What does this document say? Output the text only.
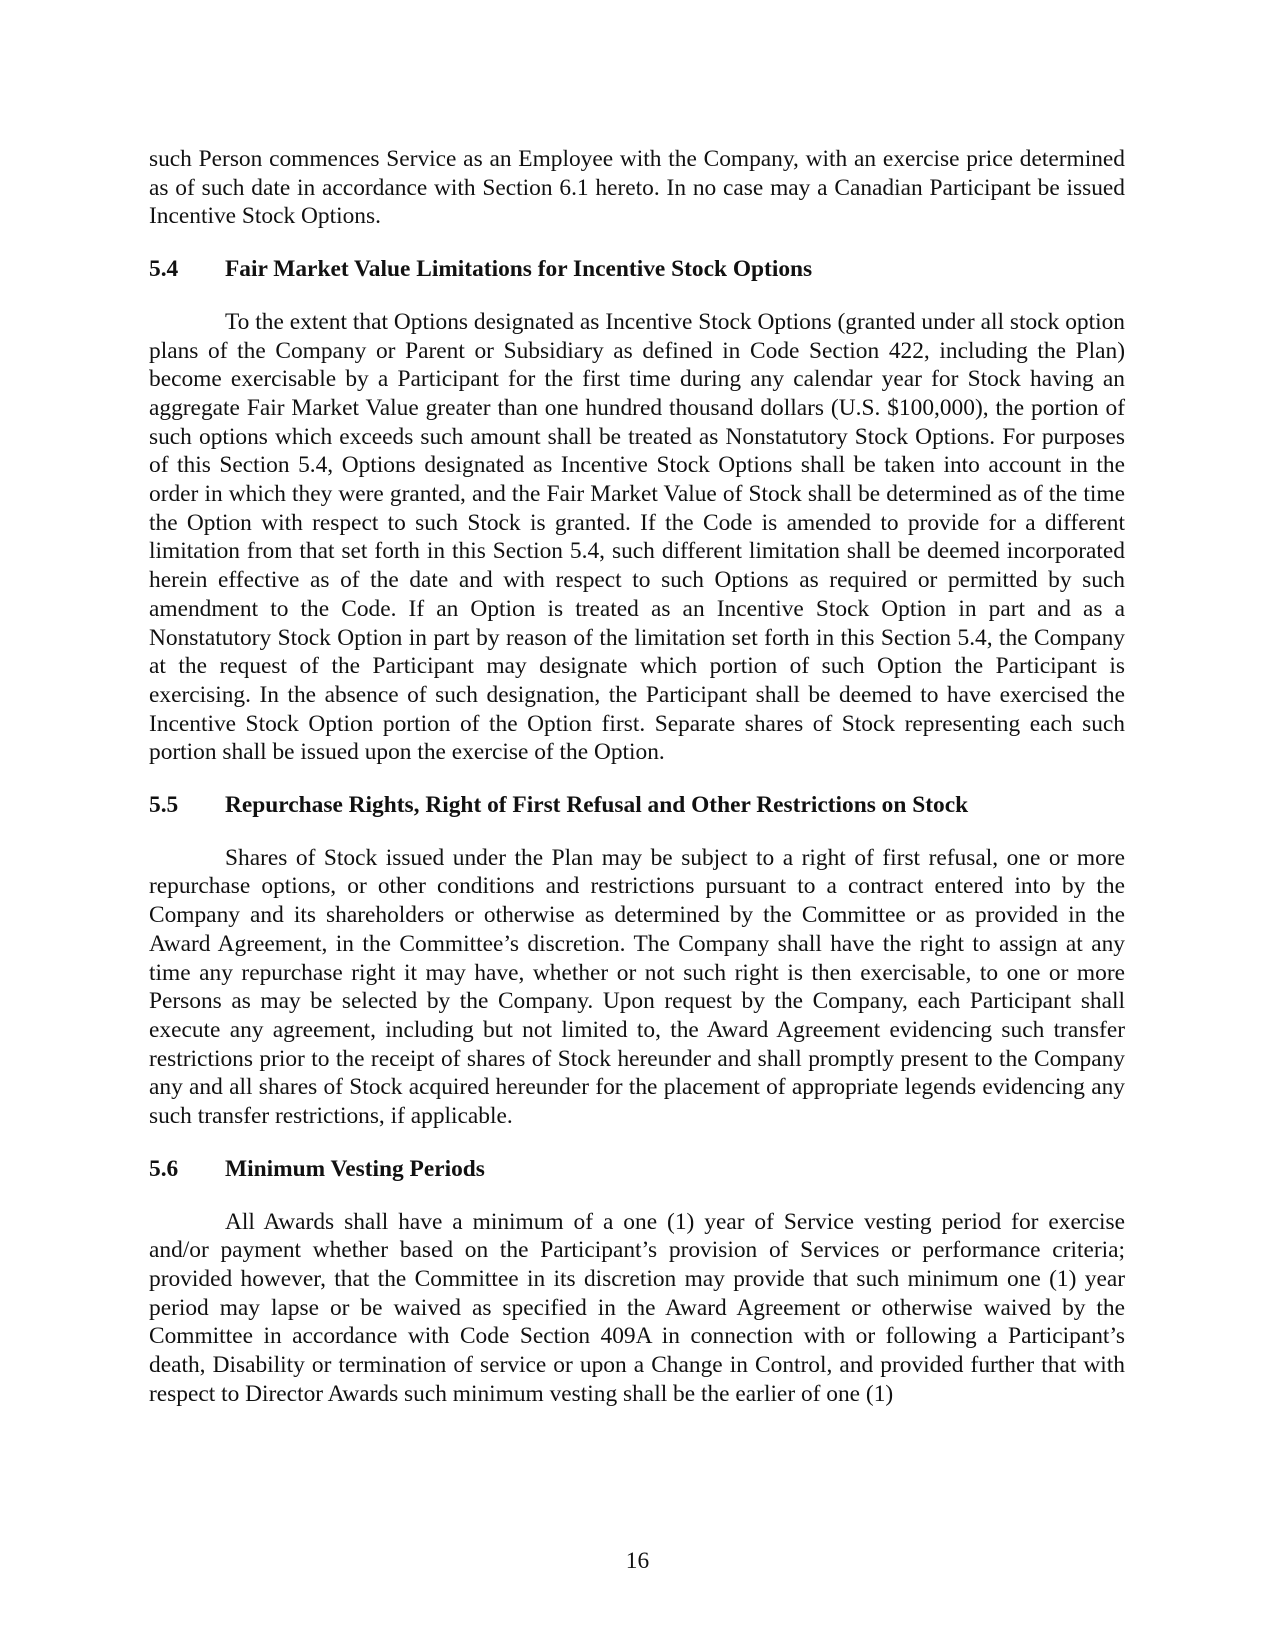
such Person commences Service as an Employee with the Company, with an exercise price determined as of such date in accordance with Section 6.1 hereto. In no case may a Canadian Participant be issued Incentive Stock Options.

5.4	Fair Market Value Limitations for Incentive Stock Options

To the extent that Options designated as Incentive Stock Options (granted under all stock option plans of the Company or Parent or Subsidiary as defined in Code Section 422, including the Plan) become exercisable by a Participant for the first time during any calendar year for Stock having an aggregate Fair Market Value greater than one hundred thousand dollars (U.S. $100,000), the portion of such options which exceeds such amount shall be treated as Nonstatutory Stock Options. For purposes of this Section 5.4, Options designated as Incentive Stock Options shall be taken into account in the order in which they were granted, and the Fair Market Value of Stock shall be determined as of the time the Option with respect to such Stock is granted. If the Code is amended to provide for a different limitation from that set forth in this Section 5.4, such different limitation shall be deemed incorporated herein effective as of the date and with respect to such Options as required or permitted by such amendment to the Code. If an Option is treated as an Incentive Stock Option in part and as a Nonstatutory Stock Option in part by reason of the limitation set forth in this Section 5.4, the Company at the request of the Participant may designate which portion of such Option the Participant is exercising. In the absence of such designation, the Participant shall be deemed to have exercised the Incentive Stock Option portion of the Option first. Separate shares of Stock representing each such portion shall be issued upon the exercise of the Option.

5.5	Repurchase Rights, Right of First Refusal and Other Restrictions on Stock

Shares of Stock issued under the Plan may be subject to a right of first refusal, one or more repurchase options, or other conditions and restrictions pursuant to a contract entered into by the Company and its shareholders or otherwise as determined by the Committee or as provided in the Award Agreement, in the Committee’s discretion. The Company shall have the right to assign at any time any repurchase right it may have, whether or not such right is then exercisable, to one or more Persons as may be selected by the Company. Upon request by the Company, each Participant shall execute any agreement, including but not limited to, the Award Agreement evidencing such transfer restrictions prior to the receipt of shares of Stock hereunder and shall promptly present to the Company any and all shares of Stock acquired hereunder for the placement of appropriate legends evidencing any such transfer restrictions, if applicable.

5.6	Minimum Vesting Periods

All Awards shall have a minimum of a one (1) year of Service vesting period for exercise and/or payment whether based on the Participant’s provision of Services or performance criteria; provided however, that the Committee in its discretion may provide that such minimum one (1) year period may lapse or be waived as specified in the Award Agreement or otherwise waived by the Committee in accordance with Code Section 409A in connection with or following a Participant’s death, Disability or termination of service or upon a Change in Control, and provided further that with respect to Director Awards such minimum vesting shall be the earlier of one (1)

16
